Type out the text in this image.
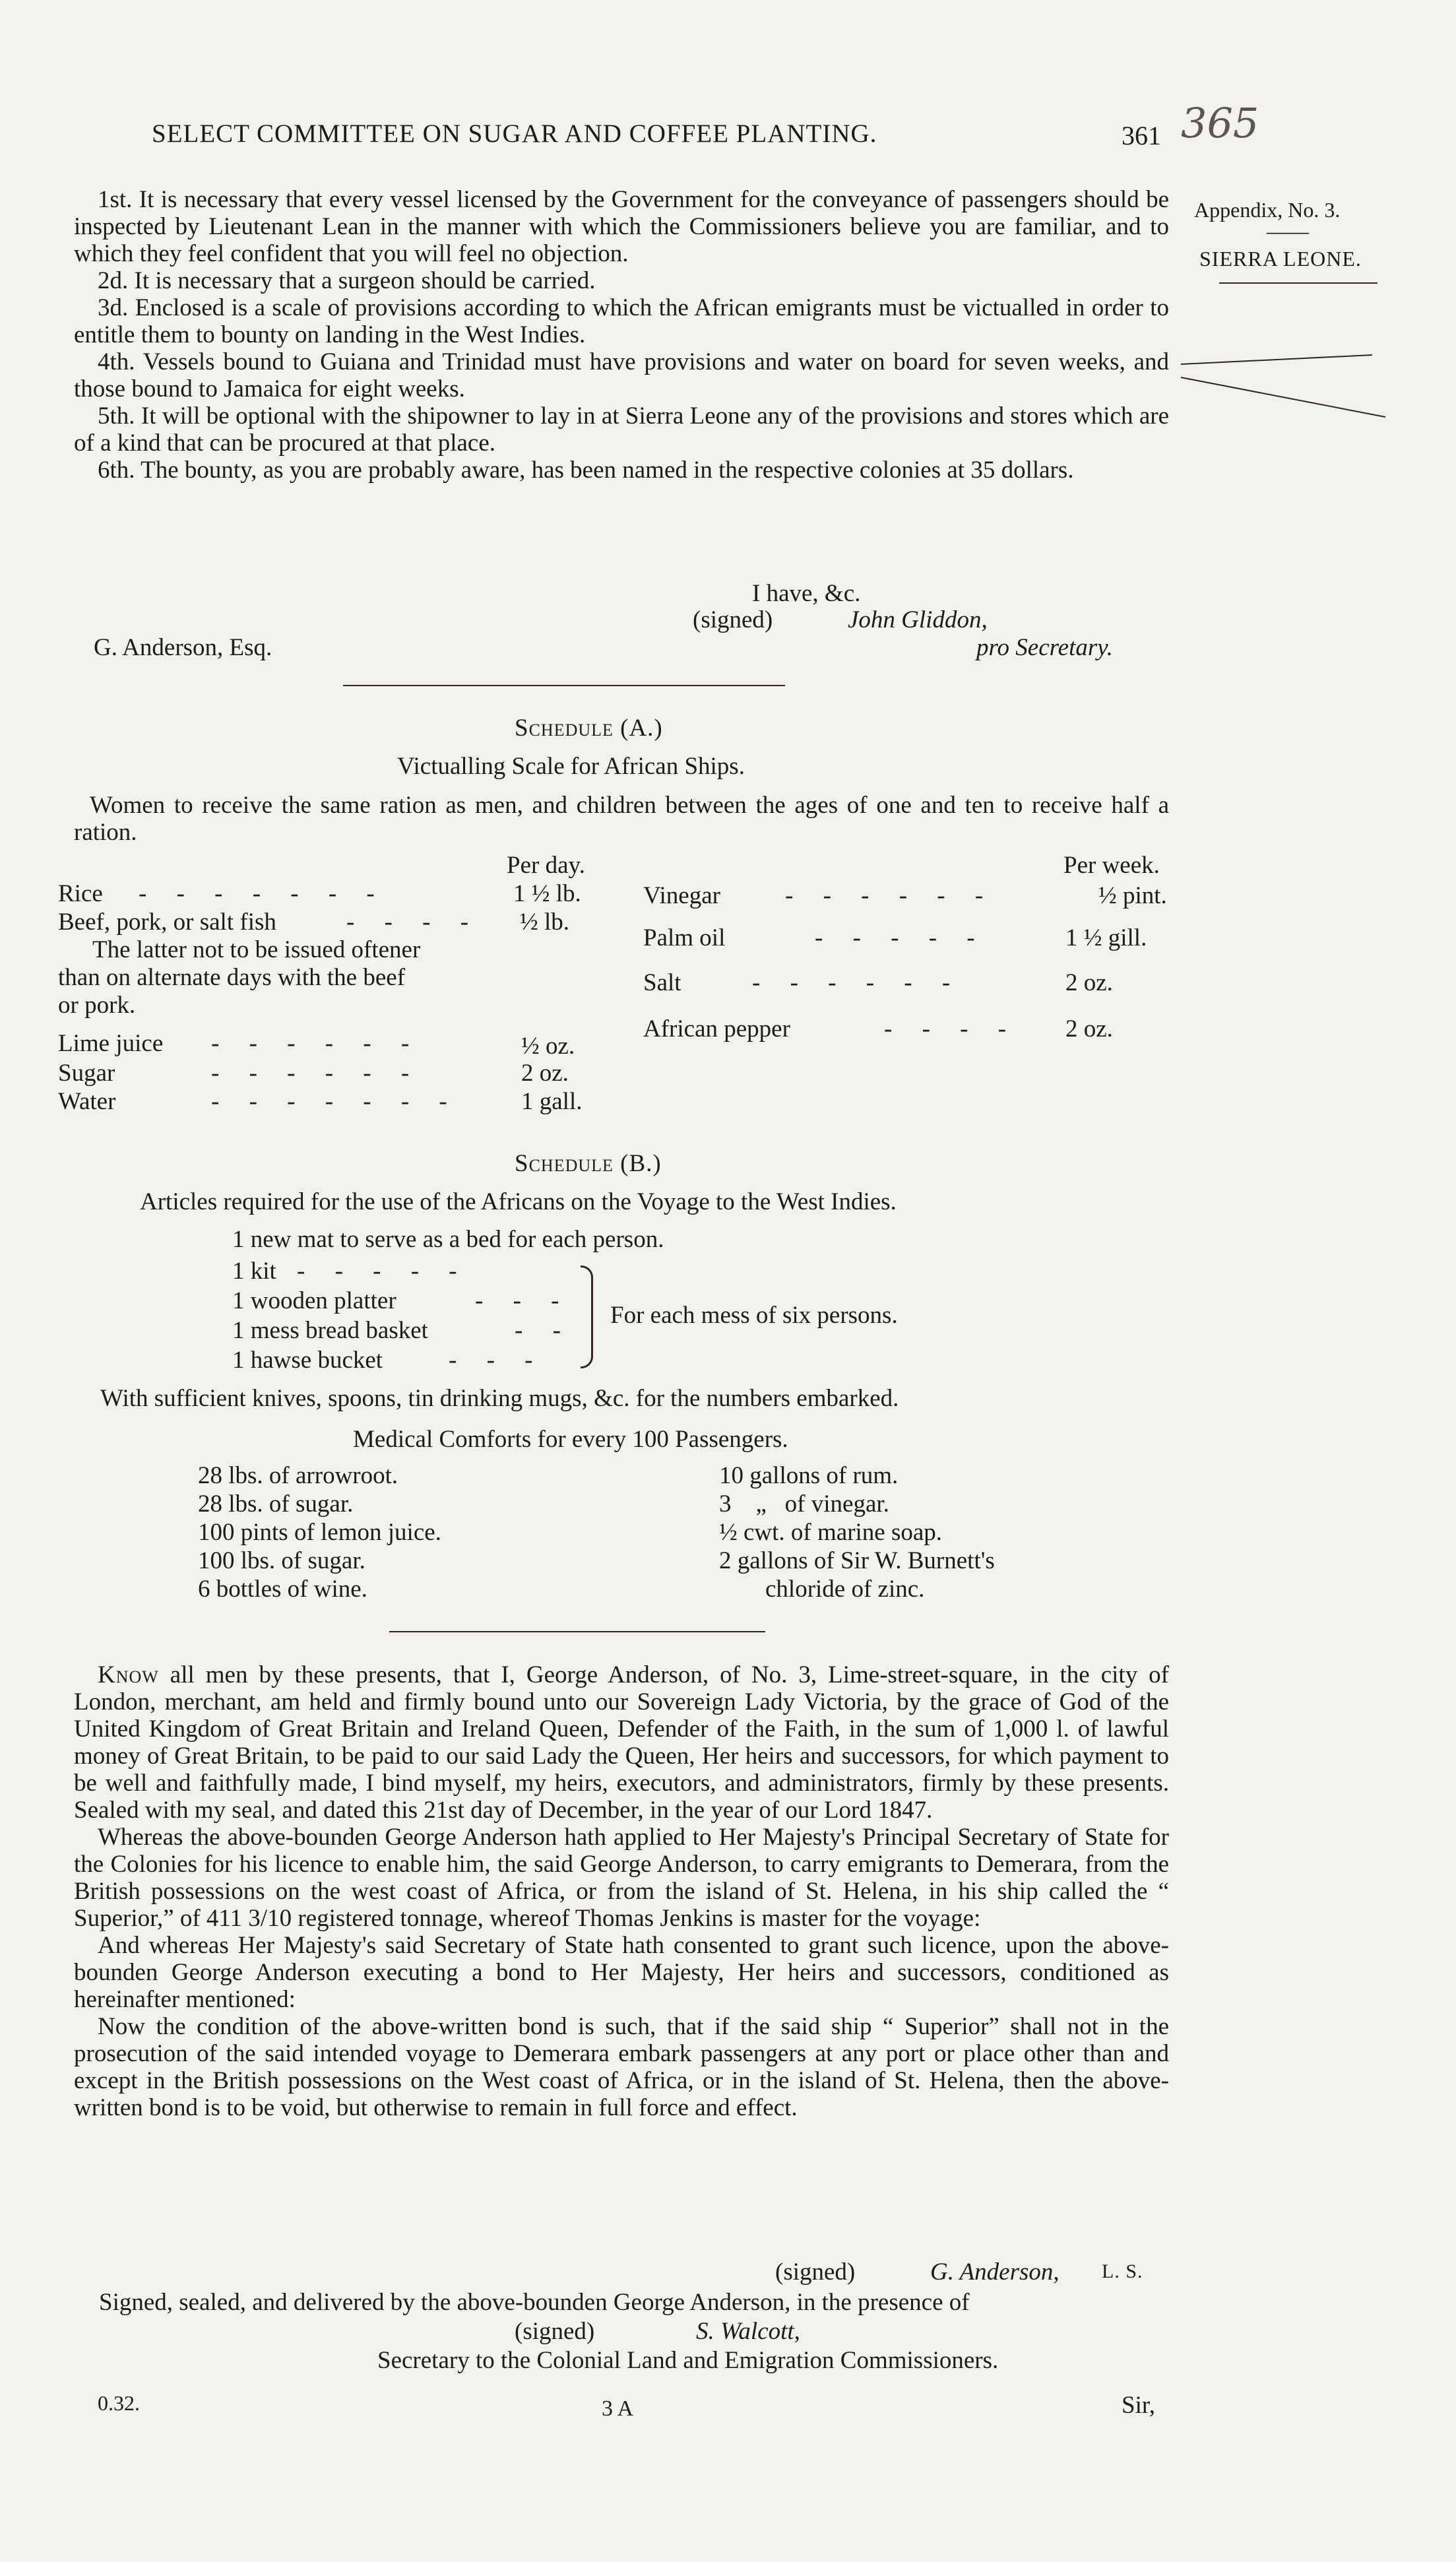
SELECT COMMITTEE ON SUGAR AND COFFEE PLANTING.	361 365
Appendix, No. 3.
——
SIERRA LEONE.

1st. It is necessary that every vessel licensed by the Government for the conveyance of passengers should be inspected by Lieutenant Lean in the manner with which the Commissioners believe you are familiar, and to which they feel confident that you will feel no objection.

2d. It is necessary that a surgeon should be carried.

3d. Enclosed is a scale of provisions according to which the African emigrants must be victualled in order to entitle them to bounty on landing in the West Indies.

4th. Vessels bound to Guiana and Trinidad must have provisions and water on board for seven weeks, and those bound to Jamaica for eight weeks.

5th. It will be optional with the shipowner to lay in at Sierra Leone any of the provisions and stores which are of a kind that can be procured at that place.

6th. The bounty, as you are probably aware, has been named in the respective colonies at 35 dollars.

I have, &c.
(signed)	John Gliddon,
G. Anderson, Esq.	pro Secretary.
Schedule (A.)
Victualling Scale for African Ships.

Women to receive the same ration as men, and children between the ages of one and ten to receive half a ration.

Per day.	Per week.
Rice - - - - - - -	1 ½ lb.
Beef, pork, or salt fish	- - - - ½ lb.
The latter not to be issued oftener
than on alternate days with the beef
or pork.
Lime juice - - - - - -	½ oz.
Sugar	- - - - - -	2 oz.
Water	- - - - - - -	1 gall.
Vinegar	- - - - - -	½ pint.
Palm oil	- - - - -	1 ½ gill.
Salt	- - - - - -	2 oz.
African pepper	- - - - 2 oz.
Schedule (B.)
Articles required for the use of the Africans on the Voyage to the West Indies.
1 new mat to serve as a bed for each person.
1 kit - - - - -
1 wooden platter	- - -
1 mess bread basket	- -
1 hawse bucket	- - -
For each mess of six persons.
With sufficient knives, spoons, tin drinking mugs, &c. for the numbers embarked.
Medical Comforts for every 100 Passengers.
28 lbs. of arrowroot.
28 lbs. of sugar.
100 pints of lemon juice.
100 lbs. of sugar.
6 bottles of wine.
10 gallons of rum.
3    „   of vinegar.
½ cwt. of marine soap.
2 gallons of Sir W. Burnett's
chloride of zinc.

Know all men by these presents, that I, George Anderson, of No. 3, Lime-street-square, in the city of London, merchant, am held and firmly bound unto our Sovereign Lady Victoria, by the grace of God of the United Kingdom of Great Britain and Ireland Queen, Defender of the Faith, in the sum of 1,000 l. of lawful money of Great Britain, to be paid to our said Lady the Queen, Her heirs and successors, for which payment to be well and faithfully made, I bind myself, my heirs, executors, and administrators, firmly by these presents. Sealed with my seal, and dated this 21st day of December, in the year of our Lord 1847.

Whereas the above-bounden George Anderson hath applied to Her Majesty's Principal Secretary of State for the Colonies for his licence to enable him, the said George Anderson, to carry emigrants to Demerara, from the British possessions on the west coast of Africa, or from the island of St. Helena, in his ship called the “ Superior,” of 411 3/10 registered tonnage, whereof Thomas Jenkins is master for the voyage:

And whereas Her Majesty's said Secretary of State hath consented to grant such licence, upon the above-bounden George Anderson executing a bond to Her Majesty, Her heirs and successors, conditioned as hereinafter mentioned:

Now the condition of the above-written bond is such, that if the said ship “ Superior” shall not in the prosecution of the said intended voyage to Demerara embark passengers at any port or place other than and except in the British possessions on the West coast of Africa, or in the island of St. Helena, then the above-written bond is to be void, but otherwise to remain in full force and effect.

(signed)	G. Anderson, L. S.
Signed, sealed, and delivered by the above-bounden George Anderson, in the presence of
(signed)	S. Walcott,
Secretary to the Colonial Land and Emigration Commissioners.
0.32.	3 A	Sir,
